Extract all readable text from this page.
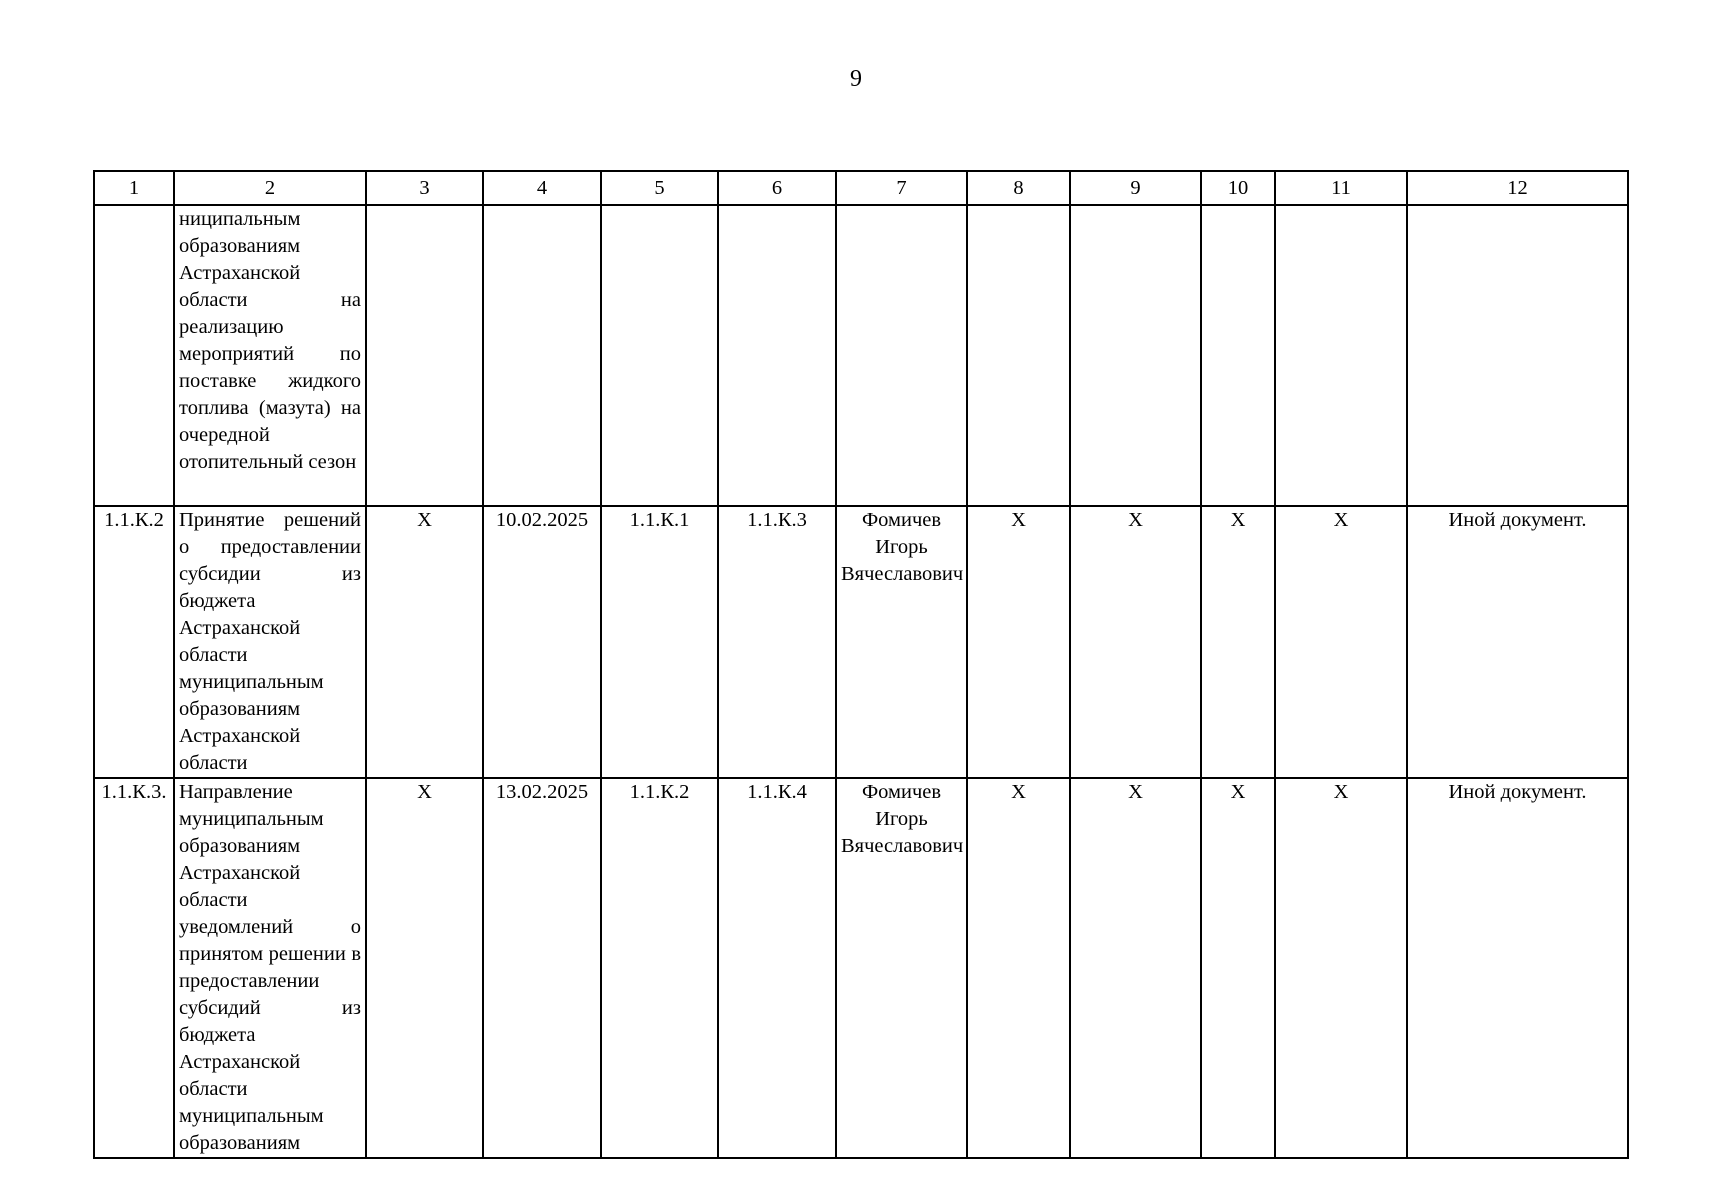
9
1	2	3	4	5	6	7	8	9	10	11	12
	ниципальным образованиям Астраханской области на реализацию мероприятий по поставке жидкого топлива (мазута) на очередной отопительный сезон										
1.1.К.2	Принятие решений о предоставлении субсидии из бюджета Астраханской области муниципальным образованиям Астраханской области	X	10.02.2025	1.1.К.1	1.1.К.3	Фомичев Игорь Вячеславович	X	X	X	X	Иной документ.
1.1.К.3.	Направление муниципальным образованиям Астраханской области уведомлений о принятом решении в предоставлении субсидий из бюджета Астраханской области муниципальным образованиям	X	13.02.2025	1.1.К.2	1.1.К.4	Фомичев Игорь Вячеславович	X	X	X	X	Иной документ.
